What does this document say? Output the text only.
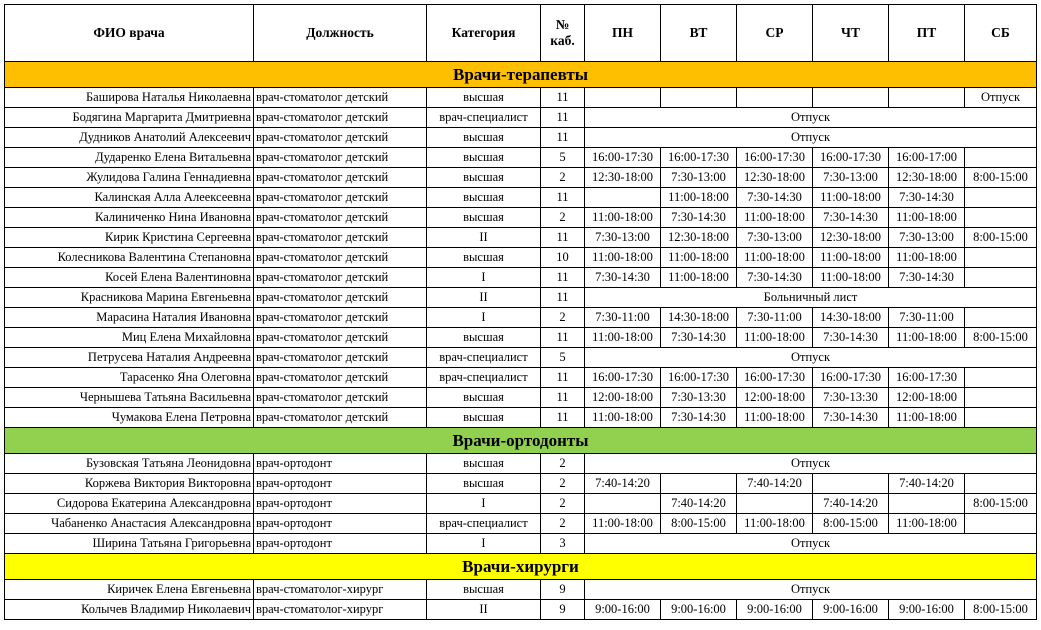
ФИО врача	Должность	Категория	№ каб.	ПН	ВТ	СР	ЧТ	ПТ	СБ
Врачи-терапевты									
Баширова Наталья Николаевна	врач-стоматолог детский	высшая	11						Отпуск
Бодягина Маргарита Дмитриевна	врач-стоматолог детский	врач-специалист	11	Отпуск					
Дудников Анатолий Алексеевич	врач-стоматолог детский	высшая	11	Отпуск					
Дударенко Елена Витальевна	врач-стоматолог детский	высшая	5	16:00-17:30	16:00-17:30	16:00-17:30	16:00-17:30	16:00-17:00	
Жулидова Галина Геннадиевна	врач-стоматолог детский	высшая	2	12:30-18:00	7:30-13:00	12:30-18:00	7:30-13:00	12:30-18:00	8:00-15:00
Калинская Алла Алеексеевна	врач-стоматолог детский	высшая	11		11:00-18:00	7:30-14:30	11:00-18:00	7:30-14:30	
Калиниченко Нина Ивановна	врач-стоматолог детский	высшая	2	11:00-18:00	7:30-14:30	11:00-18:00	7:30-14:30	11:00-18:00	
Кирик Кристина Сергеевна	врач-стоматолог детский	II	11	7:30-13:00	12:30-18:00	7:30-13:00	12:30-18:00	7:30-13:00	8:00-15:00
Колесникова Валентина Степановна	врач-стоматолог детский	высшая	10	11:00-18:00	11:00-18:00	11:00-18:00	11:00-18:00	11:00-18:00	
Косей Елена Валентиновна	врач-стоматолог детский	I	11	7:30-14:30	11:00-18:00	7:30-14:30	11:00-18:00	7:30-14:30	
Красникова Марина Евгеньевна	врач-стоматолог детский	II	11	Больничный лист					
Марасина Наталия Ивановна	врач-стоматолог детский	I	2	7:30-11:00	14:30-18:00	7:30-11:00	14:30-18:00	7:30-11:00	
Миц Елена Михайловна	врач-стоматолог детский	высшая	11	11:00-18:00	7:30-14:30	11:00-18:00	7:30-14:30	11:00-18:00	8:00-15:00
Петрусева Наталия Андреевна	врач-стоматолог детский	врач-специалист	5	Отпуск					
Тарасенко Яна Олеговна	врач-стоматолог детский	врач-специалист	11	16:00-17:30	16:00-17:30	16:00-17:30	16:00-17:30	16:00-17:30	
Чернышева Татьяна Васильевна	врач-стоматолог детский	высшая	11	12:00-18:00	7:30-13:30	12:00-18:00	7:30-13:30	12:00-18:00	
Чумакова Елена Петровна	врач-стоматолог детский	высшая	11	11:00-18:00	7:30-14:30	11:00-18:00	7:30-14:30	11:00-18:00	
Врачи-ортодонты									
Бузовская Татьяна Леонидовна	врач-ортодонт	высшая	2	Отпуск					
Коржева Виктория Викторовна	врач-ортодонт	высшая	2	7:40-14:20		7:40-14:20		7:40-14:20	
Сидорова Екатерина Александровна	врач-ортодонт	I	2		7:40-14:20		7:40-14:20		8:00-15:00
Чабаненко Анастасия Александровна	врач-ортодонт	врач-специалист	2	11:00-18:00	8:00-15:00	11:00-18:00	8:00-15:00	11:00-18:00	
Ширина Татьяна Григорьевна	врач-ортодонт	I	3	Отпуск					
Врачи-хирурги									
Киричек Елена Евгеньевна	врач-стоматолог-хирург	высшая	9	Отпуск					
Колычев Владимир Николаевич	врач-стоматолог-хирург	II	9	9:00-16:00	9:00-16:00	9:00-16:00	9:00-16:00	9:00-16:00	8:00-15:00
